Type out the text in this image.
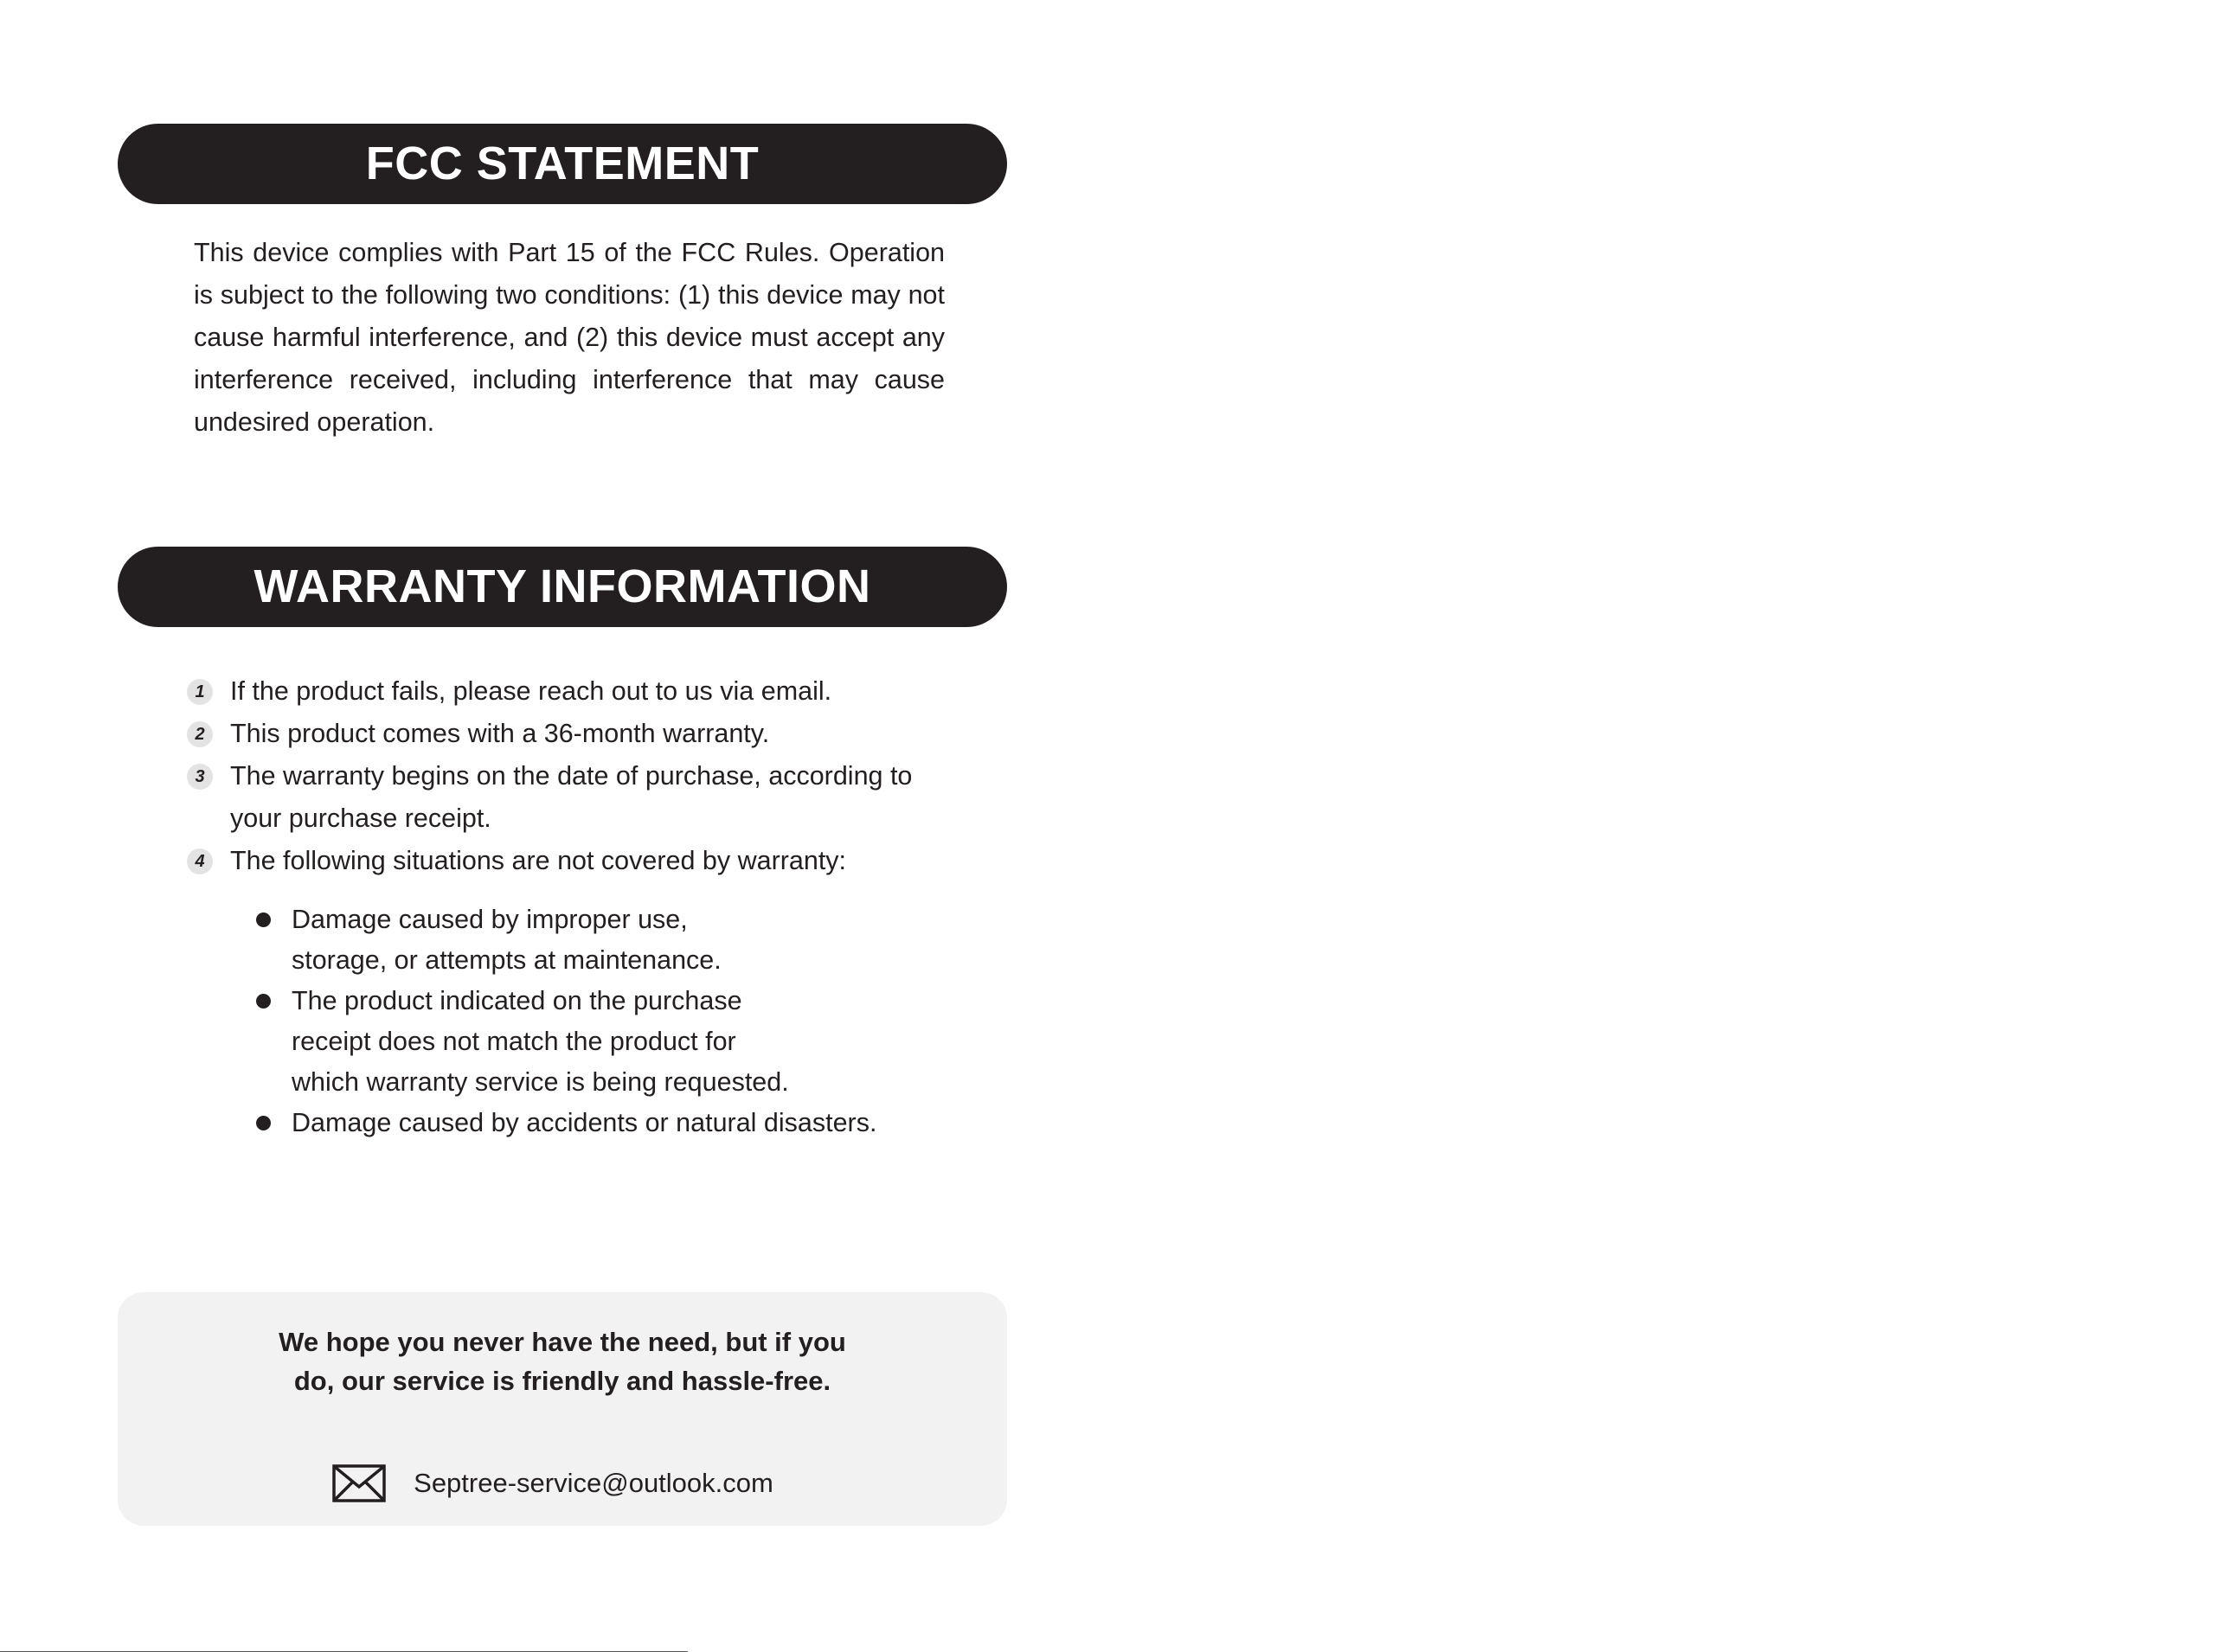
FCC STATEMENT

This device complies with Part 15 of the FCC Rules. Operation is subject to the following two conditions: (1) this device may not cause harmful interference, and (2) this device must accept any interference received, including interference that may cause undesired operation.

WARRANTY INFORMATION
1 If the product fails, please reach out to us via email.
2 This product comes with a 36-month warranty.
3 The warranty begins on the date of purchase, according to your purchase receipt.
4 The following situations are not covered by warranty:
Damage caused by improper use, storage, or attempts at maintenance.
The product indicated on the purchase receipt does not match the product for which warranty service is being requested.
Damage caused by accidents or natural disasters.

We hope you never have the need, but if you
do, our service is friendly and hassle-free.

Septree-service@outlook.com
